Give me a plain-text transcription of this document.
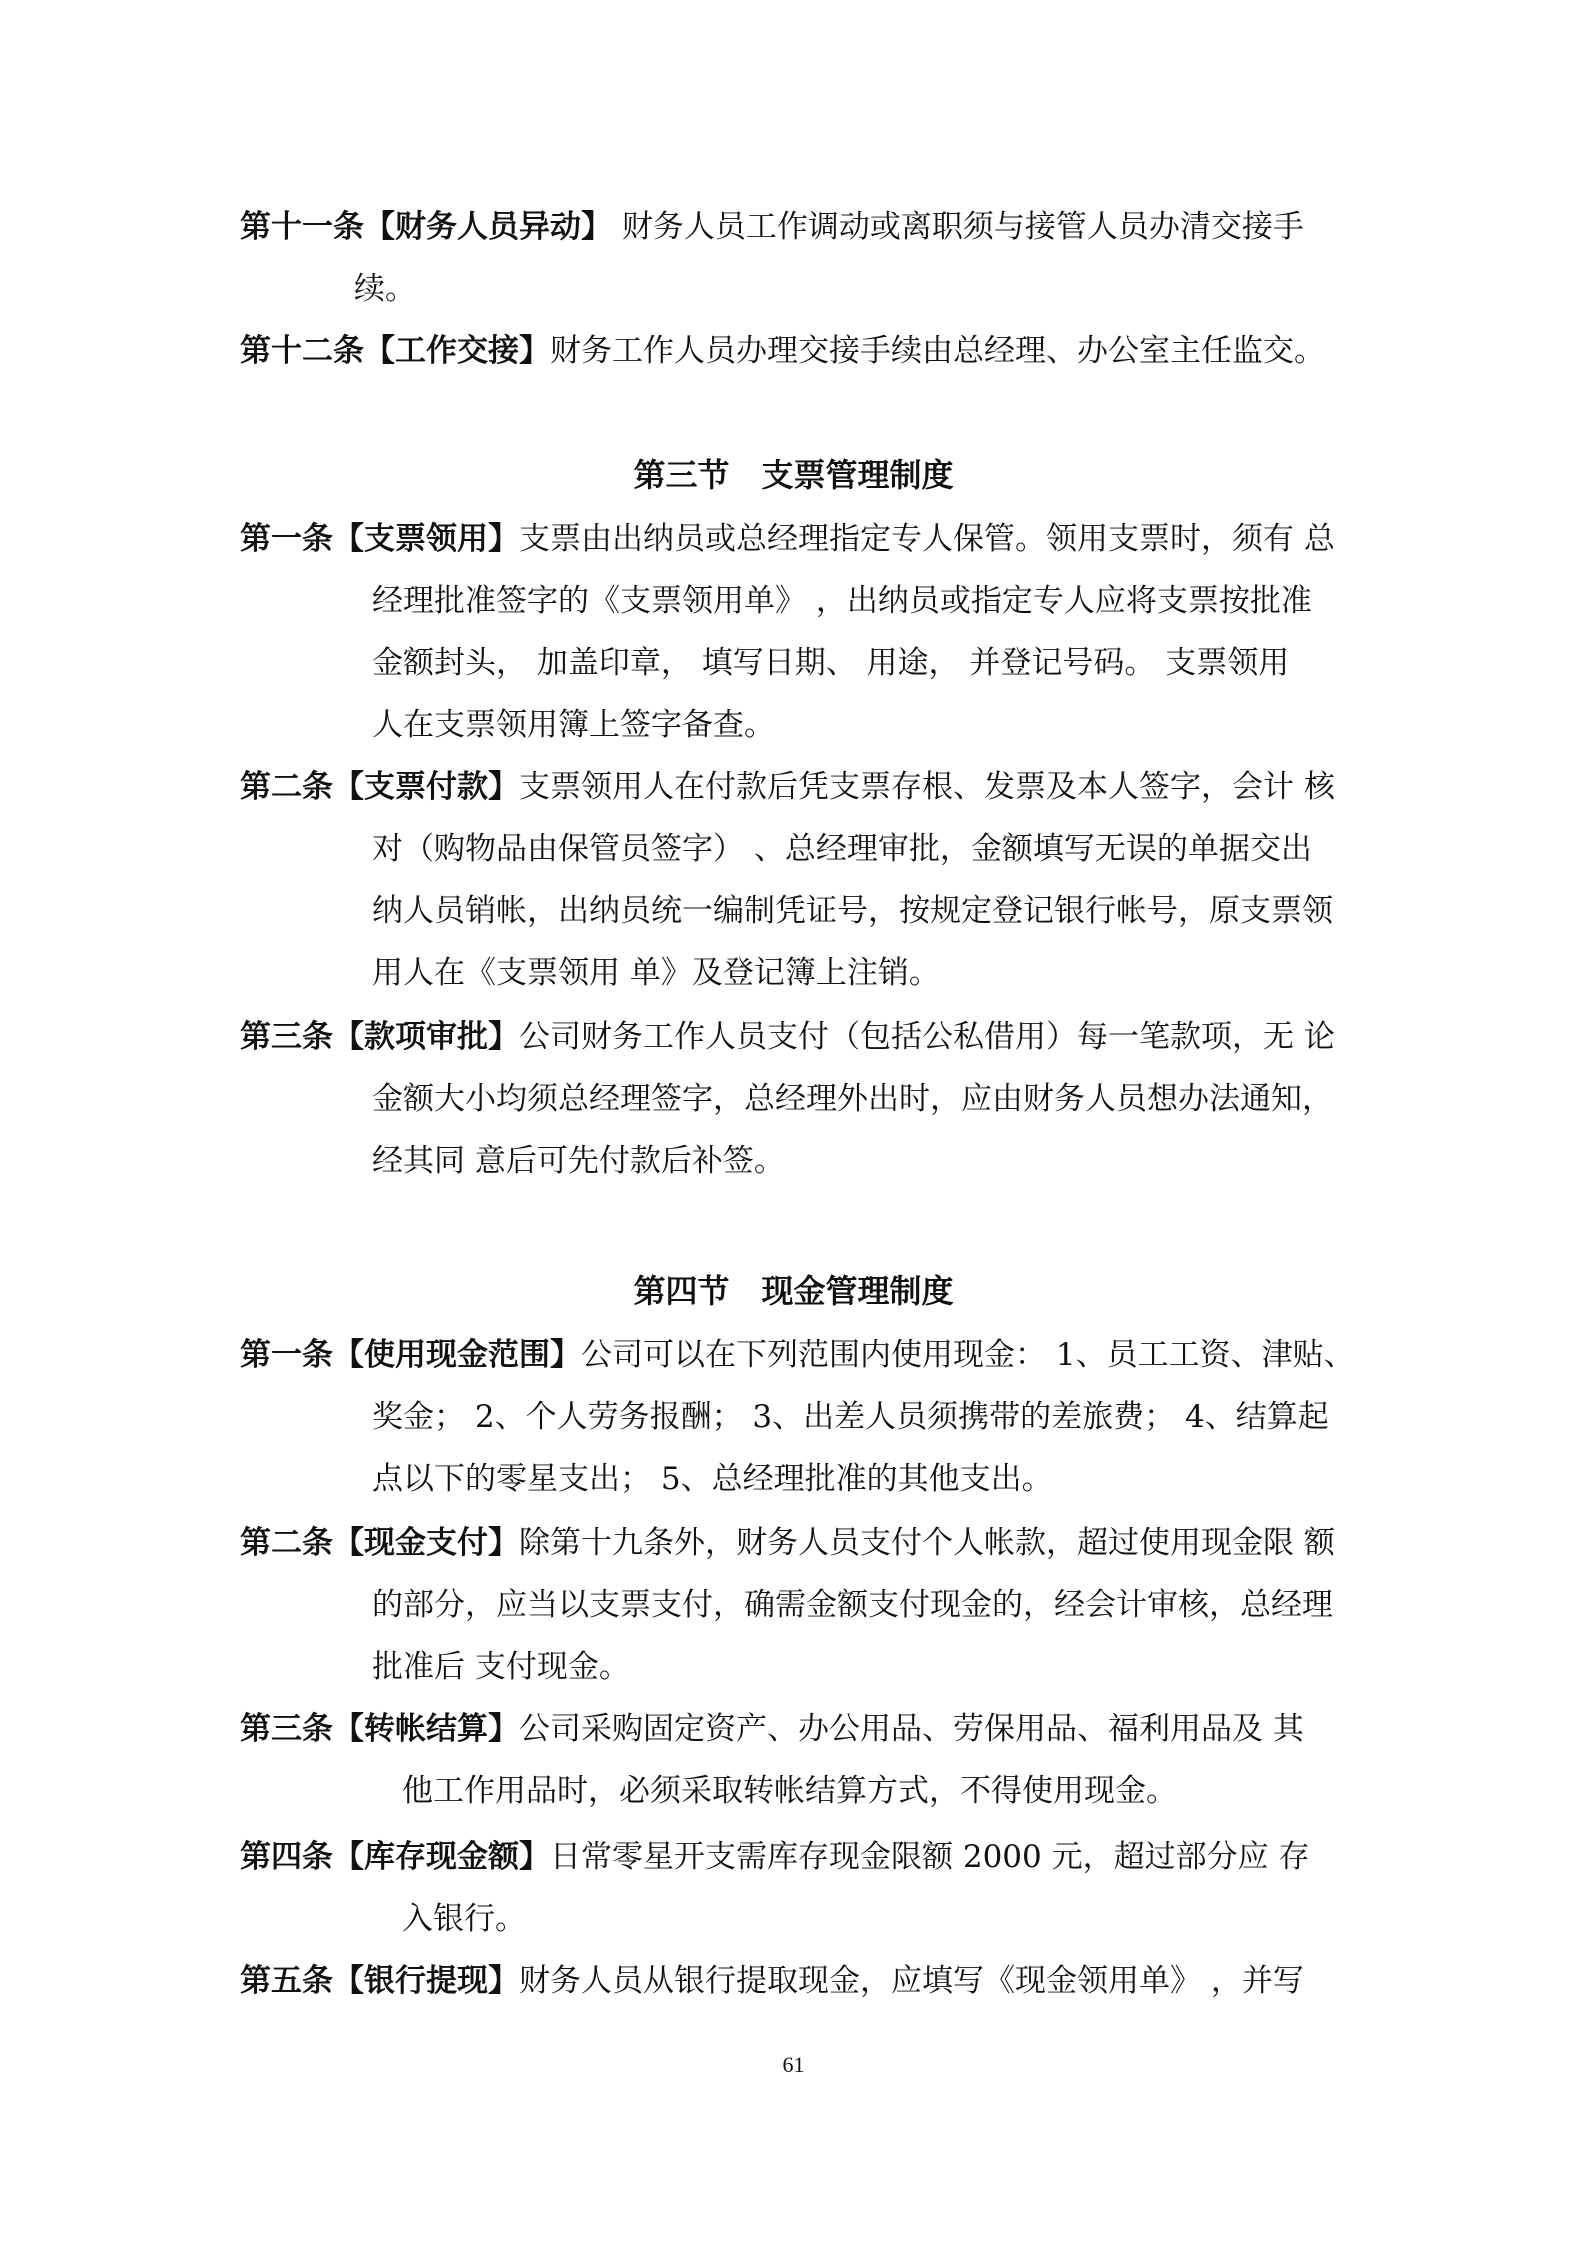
第十一条【财务人员异动】 财务人员工作调动或离职须与接管人员办清交接手
续。
第十二条【工作交接】财务工作人员办理交接手续由总经理、办公室主任监交。
第三节　支票管理制度
第一条【支票领用】支票由出纳员或总经理指定专人保管。领用支票时，须有 总
经理批准签字的《支票领用单》 ，出纳员或指定专人应将支票按批准
金额封头， 加盖印章， 填写日期、 用途， 并登记号码。 支票领用
人在支票领用簿上签字备查。
第二条【支票付款】支票领用人在付款后凭支票存根、发票及本人签字，会计 核
对（购物品由保管员签字） 、总经理审批，金额填写无误的单据交出
纳人员销帐，出纳员统一编制凭证号，按规定登记银行帐号，原支票领
用人在《支票领用 单》及登记簿上注销。
第三条【款项审批】公司财务工作人员支付（包括公私借用）每一笔款项，无 论
金额大小均须总经理签字，总经理外出时，应由财务人员想办法通知，
经其同 意后可先付款后补签。
第四节　现金管理制度
第一条【使用现金范围】公司可以在下列范围内使用现金： 1、员工工资、津贴、
奖金； 2、个人劳务报酬； 3、出差人员须携带的差旅费； 4、结算起
点以下的零星支出； 5、总经理批准的其他支出。
第二条【现金支付】除第十九条外，财务人员支付个人帐款，超过使用现金限 额
的部分，应当以支票支付，确需金额支付现金的，经会计审核，总经理
批准后 支付现金。
第三条【转帐结算】公司采购固定资产、办公用品、劳保用品、福利用品及 其
他工作用品时，必须采取转帐结算方式，不得使用现金。
第四条【库存现金额】日常零星开支需库存现金限额 2000 元，超过部分应 存
入银行。
第五条【银行提现】财务人员从银行提取现金，应填写《现金领用单》 ，并写
61
